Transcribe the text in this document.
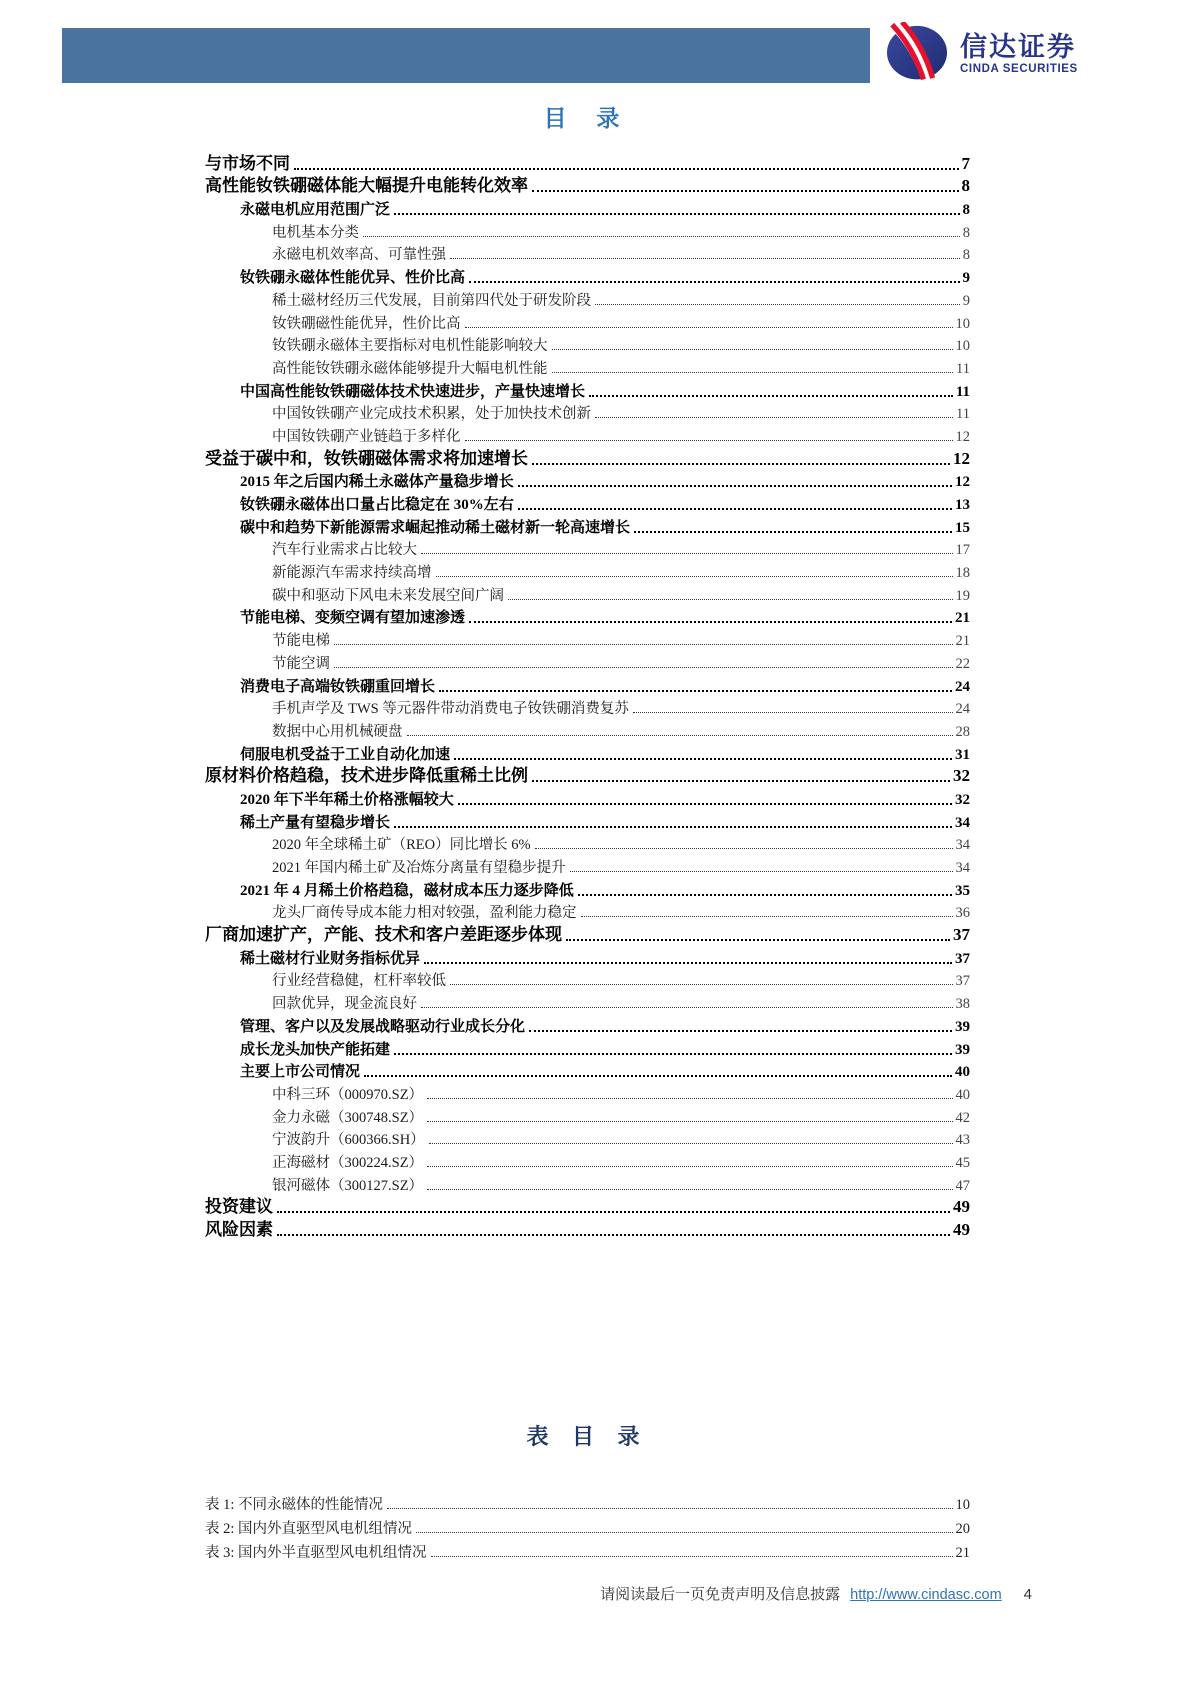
信达证券
CINDA SECURITIES
目 录
与市场不同	7
高性能钕铁硼磁体能大幅提升电能转化效率	8
永磁电机应用范围广泛	8
电机基本分类	8
永磁电机效率高、可靠性强	8
钕铁硼永磁体性能优异、性价比高	9
稀土磁材经历三代发展，目前第四代处于研发阶段	9
钕铁硼磁性能优异，性价比高	10
钕铁硼永磁体主要指标对电机性能影响较大	10
高性能钕铁硼永磁体能够提升大幅电机性能	11
中国高性能钕铁硼磁体技术快速进步，产量快速增长	11
中国钕铁硼产业完成技术积累，处于加快技术创新	11
中国钕铁硼产业链趋于多样化	12
受益于碳中和，钕铁硼磁体需求将加速增长	12
2015 年之后国内稀土永磁体产量稳步增长	12
钕铁硼永磁体出口量占比稳定在 30%左右	13
碳中和趋势下新能源需求崛起推动稀土磁材新一轮高速增长	15
汽车行业需求占比较大	17
新能源汽车需求持续高增	18
碳中和驱动下风电未来发展空间广阔	19
节能电梯、变频空调有望加速渗透	21
节能电梯	21
节能空调	22
消费电子高端钕铁硼重回增长	24
手机声学及 TWS 等元器件带动消费电子钕铁硼消费复苏	24
数据中心用机械硬盘	28
伺服电机受益于工业自动化加速	31
原材料价格趋稳，技术进步降低重稀土比例	32
2020 年下半年稀土价格涨幅较大	32
稀土产量有望稳步增长	34
2020 年全球稀土矿（REO）同比增长 6%	34
2021 年国内稀土矿及冶炼分离量有望稳步提升	34
2021 年 4 月稀土价格趋稳，磁材成本压力逐步降低	35
龙头厂商传导成本能力相对较强，盈利能力稳定	36
厂商加速扩产，产能、技术和客户差距逐步体现	37
稀土磁材行业财务指标优异	37
行业经营稳健，杠杆率较低	37
回款优异，现金流良好	38
管理、客户以及发展战略驱动行业成长分化	39
成长龙头加快产能拓建	39
主要上市公司情况	40
中科三环（000970.SZ）	40
金力永磁（300748.SZ）	42
宁波韵升（600366.SH）	43
正海磁材（300224.SZ）	45
银河磁体（300127.SZ）	47
投资建议	49
风险因素	49
表 目 录
表 1: 不同永磁体的性能情况	10
表 2: 国内外直驱型风电机组情况	20
表 3: 国内外半直驱型风电机组情况	21
请阅读最后一页免责声明及信息披露 http://www.cindasc.com 4
